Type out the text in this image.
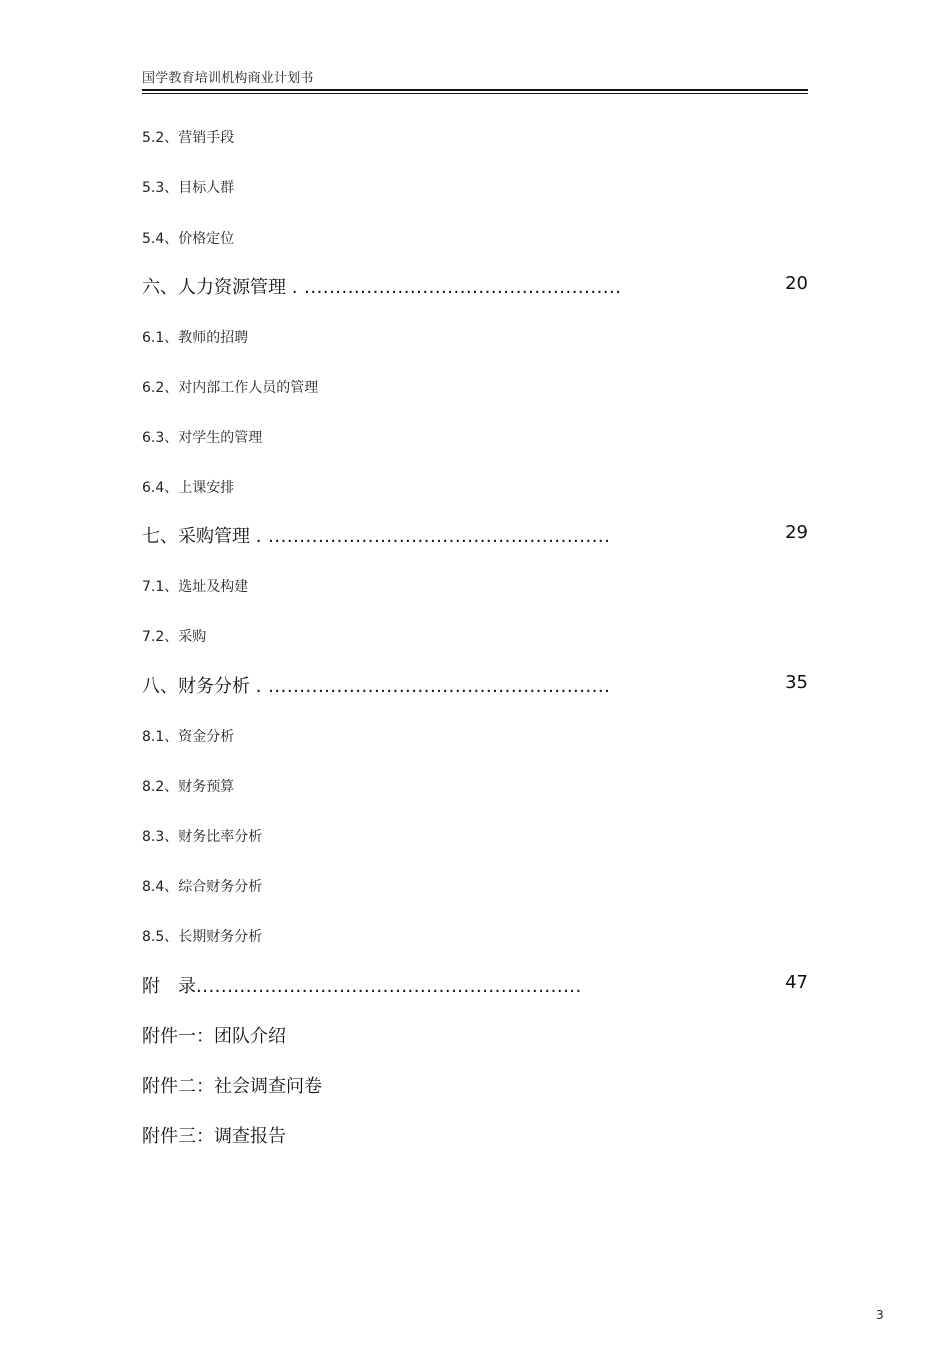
国学教育培训机构商业计划书
5.2、营销手段
5.3、目标人群
5.4、价格定位
六、人力资源管理 . ...................................................	20
6.1、教师的招聘
6.2、对内部工作人员的管理
6.3、对学生的管理
6.4、上课安排
七、采购管理 . .......................................................	29
7.1、选址及构建
7.2、采购
八、财务分析 . .......................................................	35
8.1、资金分析
8.2、财务预算
8.3、财务比率分析
8.4、综合财务分析
8.5、长期财务分析
附　录..............................................................	47
附件一：团队介绍
附件二：社会调查问卷
附件三：调查报告
3
